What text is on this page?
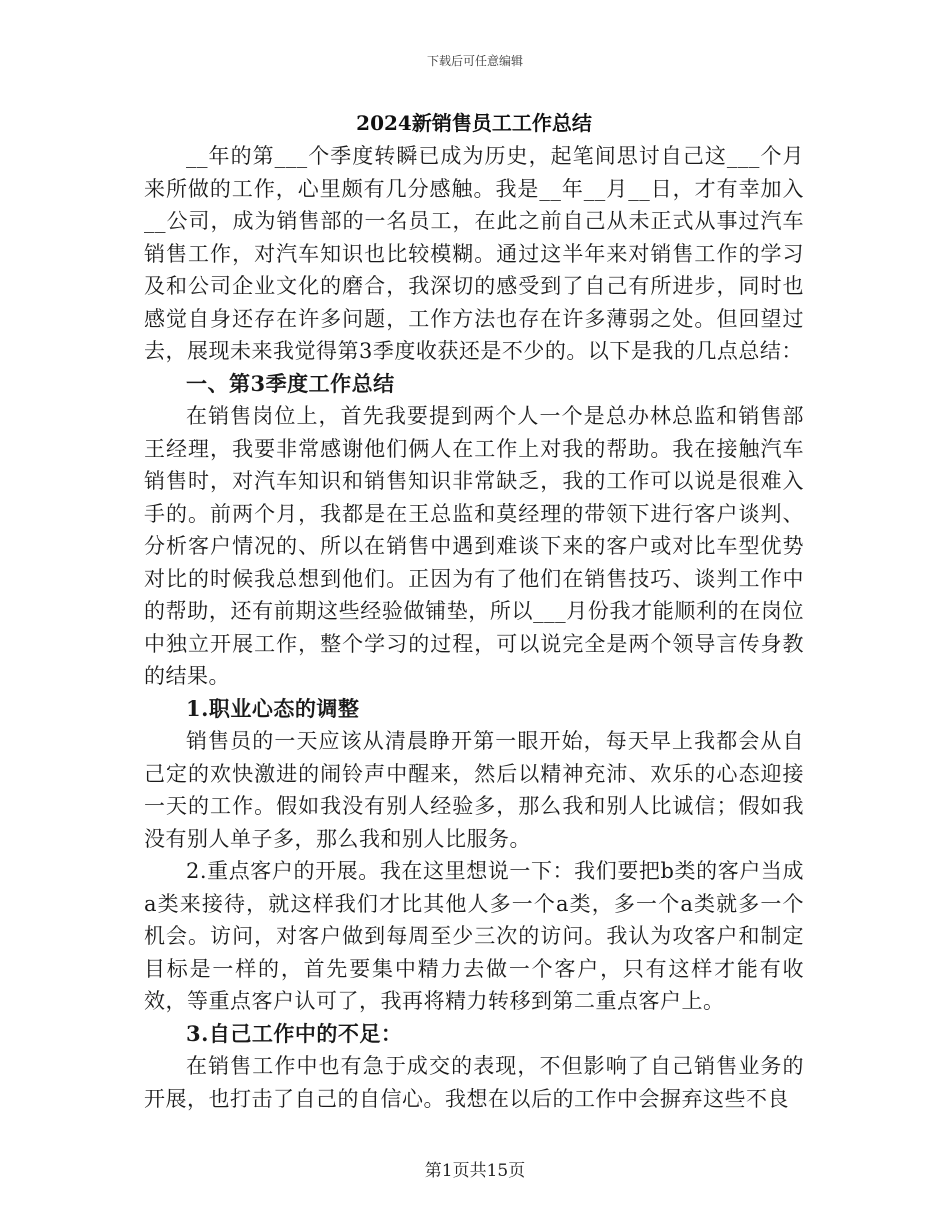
下载后可任意编辑
2024新销售员工工作总结

__年的第___个季度转瞬已成为历史，起笔间思讨自己这___个月来所做的工作，心里颇有几分感触。我是__年__月__日，才有幸加入__公司，成为销售部的一名员工，在此之前自己从未正式从事过汽车销售工作，对汽车知识也比较模糊。通过这半年来对销售工作的学习及和公司企业文化的磨合，我深切的感受到了自己有所进步，同时也感觉自身还存在许多问题，工作方法也存在许多薄弱之处。但回望过去，展现未来我觉得第3季度收获还是不少的。以下是我的几点总结：

一、第3季度工作总结

在销售岗位上，首先我要提到两个人一个是总办林总监和销售部王经理，我要非常感谢他们俩人在工作上对我的帮助。我在接触汽车销售时，对汽车知识和销售知识非常缺乏，我的工作可以说是很难入手的。前两个月，我都是在王总监和莫经理的带领下进行客户谈判、分析客户情况的、所以在销售中遇到难谈下来的客户或对比车型优势对比的时候我总想到他们。正因为有了他们在销售技巧、谈判工作中的帮助，还有前期这些经验做铺垫，所以___月份我才能顺利的在岗位中独立开展工作，整个学习的过程，可以说完全是两个领导言传身教的结果。

1.职业心态的调整

销售员的一天应该从清晨睁开第一眼开始，每天早上我都会从自己定的欢快激进的闹铃声中醒来，然后以精神充沛、欢乐的心态迎接一天的工作。假如我没有别人经验多，那么我和别人比诚信；假如我没有别人单子多，那么我和别人比服务。

2.重点客户的开展。我在这里想说一下：我们要把b类的客户当成a类来接待，就这样我们才比其他人多一个a类，多一个a类就多一个机会。访问，对客户做到每周至少三次的访问。我认为攻客户和制定目标是一样的，首先要集中精力去做一个客户，只有这样才能有收效，等重点客户认可了，我再将精力转移到第二重点客户上。

3.自己工作中的不足：

在销售工作中也有急于成交的表现，不但影响了自己销售业务的开展，也打击了自己的自信心。我想在以后的工作中会摒弃这些不良

第1页共15页
